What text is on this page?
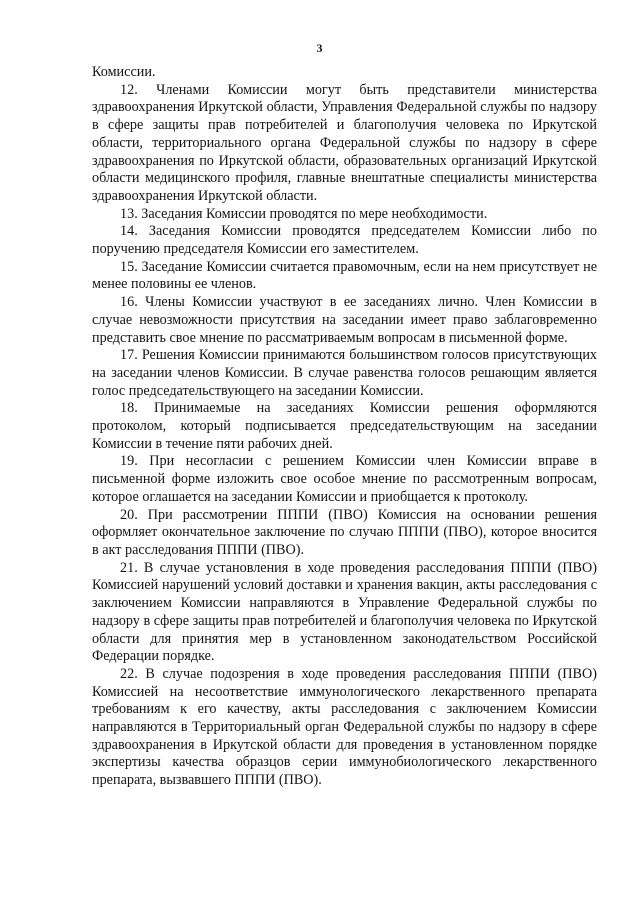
3

Комиссии.

12. Членами Комиссии могут быть представители министерства здравоохранения Иркутской области, Управления Федеральной службы по надзору в сфере защиты прав потребителей и благополучия человека по Иркутской области, территориального органа Федеральной службы по надзору в сфере здравоохранения по Иркутской области, образовательных организаций Иркутской области медицинского профиля, главные внештатные специалисты министерства здравоохранения Иркутской области.

13. Заседания Комиссии проводятся по мере необходимости.

14. Заседания Комиссии проводятся председателем Комиссии либо по поручению председателя Комиссии его заместителем.

15. Заседание Комиссии считается правомочным, если на нем присутствует не менее половины ее членов.

16. Члены Комиссии участвуют в ее заседаниях лично. Член Комиссии в случае невозможности присутствия на заседании имеет право заблаговременно представить свое мнение по рассматриваемым вопросам в письменной форме.

17. Решения Комиссии принимаются большинством голосов присутствующих на заседании членов Комиссии. В случае равенства голосов решающим является голос председательствующего на заседании Комиссии.

18. Принимаемые на заседаниях Комиссии решения оформляются протоколом, который подписывается председательствующим на заседании Комиссии в течение пяти рабочих дней.

19. При несогласии с решением Комиссии член Комиссии вправе в письменной форме изложить свое особое мнение по рассмотренным вопросам, которое оглашается на заседании Комиссии и приобщается к протоколу.

20. При рассмотрении ПППИ (ПВО) Комиссия на основании решения оформляет окончательное заключение по случаю ПППИ (ПВО), которое вносится в акт расследования ПППИ (ПВО).

21. В случае установления в ходе проведения расследования ПППИ (ПВО) Комиссией нарушений условий доставки и хранения вакцин, акты расследования с заключением Комиссии направляются в Управление Федеральной службы по надзору в сфере защиты прав потребителей и благополучия человека по Иркутской области для принятия мер в установленном законодательством Российской Федерации порядке.

22. В случае подозрения в ходе проведения расследования ПППИ (ПВО) Комиссией на несоответствие иммунологического лекарственного препарата требованиям к его качеству, акты расследования с заключением Комиссии направляются в Территориальный орган Федеральной службы по надзору в сфере здравоохранения в Иркутской области для проведения в установленном порядке экспертизы качества образцов серии иммунобиологического лекарственного препарата, вызвавшего ПППИ (ПВО).
